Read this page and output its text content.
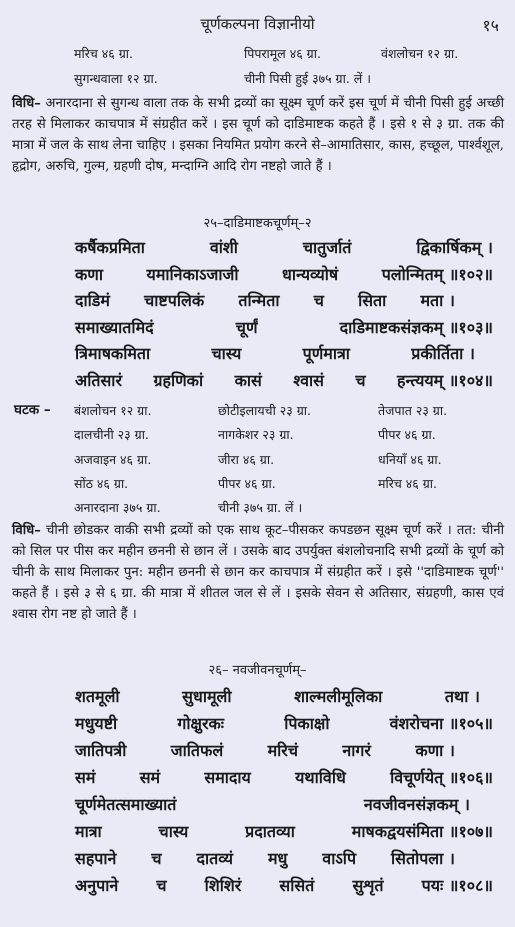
चूर्णकल्पना विज्ञानीयो	१५
मरिच ४६ ग्रा.	पिपरामूल ४६ ग्रा.	वंशलोचन १२ ग्रा.
सुगन्धवाला १२ ग्रा.	चीनी पिसी हुई ३७५ ग्रा. लें ।
विधि– अनारदाना से सुगन्ध वाला तक के सभी द्रव्यों का सूक्ष्म चूर्ण करें इस चूर्ण में चीनी पिसी हुई अच्छी तरह से मिलाकर काचपात्र में संग्रहीत करें । इस चूर्ण को दाडिमाष्टक कहते हैं । इसे १ से ३ ग्रा. तक की मात्रा में जल के साथ लेना चाहिए । इसका नियमित प्रयोग करने से–आमातिसार, कास, हच्छूल, पार्श्वशूल, हृद्रोग, अरुचि, गुल्म, ग्रहणी दोष, मन्दाग्नि आदि रोग नष्टहो जाते हैं ।
२५–दाडिमाष्टकचूर्णम्–२
कर्षैकप्रमिता	वांशी	चातुर्जातं	द्विकार्षिकम् ।
कणा	यमानिकाऽजाजी	धान्यव्योषं	पलोन्मितम् ॥१०२॥
दाडिमं चाष्टपलिकं तन्मिता च सिता मता ।
समाख्यातमिदं	चूर्णं	दाडिमाष्टकसंज्ञकम् ॥१०३॥
त्रिमाषकमिता	चास्य	पूर्णमात्रा	प्रकीर्तिता ।
अतिसारं ग्रहणिकां कासं श्वासं च हन्त्ययम् ॥१०४॥
घटक – बंशलोचन १२ ग्रा.	छोटीइलायची २३ ग्रा.	तेजपात २३ ग्रा.
दालचीनी २३ ग्रा.	नागकेशर २३ ग्रा.	पीपर ४६ ग्रा.
अजवाइन ४६ ग्रा.	जीरा ४६ ग्रा.	धनियाँ ४६ ग्रा.
सोंठ ४६ ग्रा.	पीपर ४६ ग्रा.	मरिच ४६ ग्रा.
अनारदाना ३७५ ग्रा.	चीनी ३७५ ग्रा. लें ।
विधि– चीनी छोडकर वाकी सभी द्रव्यों को एक साथ कूट–पीसकर कपडछन सूक्ष्म चूर्ण करें । तत: चीनी को सिल पर पीस कर महीन छननी से छान लें । उसके बाद उपर्युक्त बंशलोचनादि सभी द्रव्यों के चूर्ण को चीनी के साथ मिलाकर पुन: महीन छननी से छान कर काचपात्र में संग्रहीत करें । इसे ''दाडिमाष्टक चूर्ण'' कहते हैं । इसे ३ से ६ ग्रा. की मात्रा में शीतल जल से लें । इसके सेवन से अतिसार, संग्रहणी, कास एवं श्वास रोग नष्ट हो जाते हैं ।
२६– नवजीवनचूर्णम्–
शतमूली	सुधामूली	शाल्मलीमूलिका	तथा ।
मधुयष्टी	गोक्षुरकः	पिकाक्षो	वंशरोचना ॥१०५॥
जातिपत्री	जातिफलं	मरिचं	नागरं	कणा ।
समं	समं	समादाय	यथाविधि	विचूर्णयेत् ॥१०६॥
चूर्णमेतत्समाख्यातं	नवजीवनसंज्ञकम् ।
मात्रा	चास्य	प्रदातव्या	माषकद्वयसंमिता ॥१०७॥
सहपाने च दातव्यं मधु वाऽपि सितोपला ।
अनुपाने च शिशिरं ससितं सुशृतं पयः ॥१०८॥
